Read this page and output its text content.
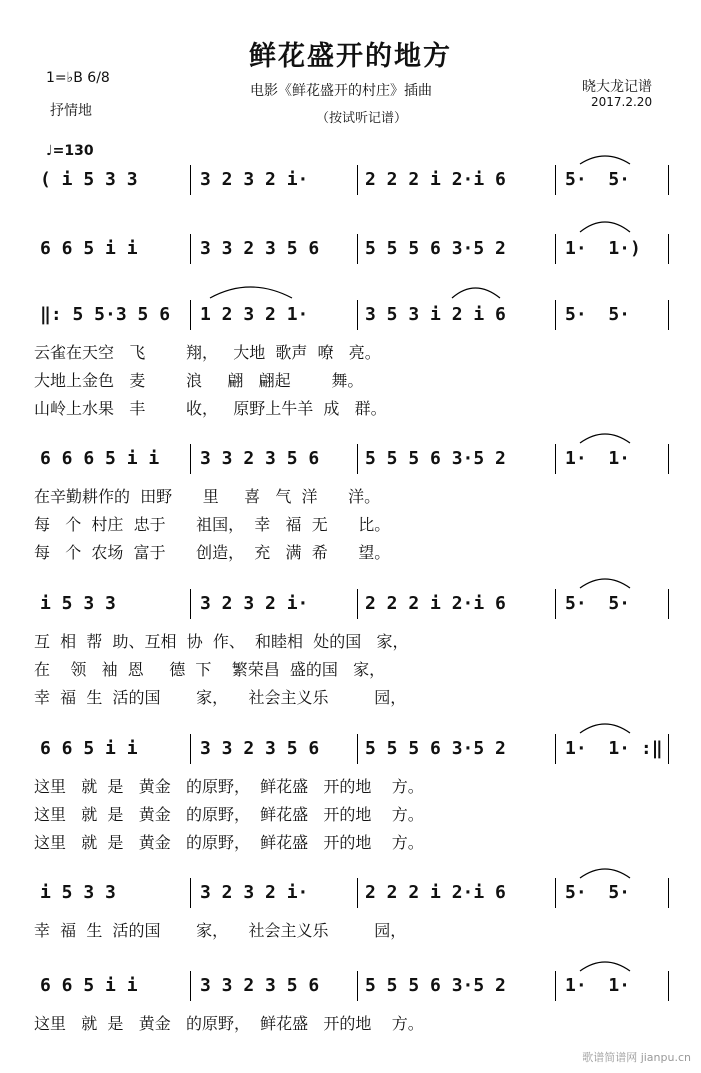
鲜花盛开的地方
电影《鲜花盛开的村庄》插曲
（按试听记谱）
1=♭B 6/8
抒情地
晓大龙记谱
2017.2.20
♩=130
( i 5 3 3	3 2 3 2 i·	2 2 2 i 2·i 6	5·  5·
6 6 5 i i	3 3 2 3 5 6	5 5 5 6 3·5 2	1·  1·)
‖: 5 5·3 5 6	1 2 3 2 1·	3 5 3 i 2 i 6	5·  5·
云雀在天空   飞        翔，   大地  歌声  嘹   亮。
大地上金色   麦        浪     翩   翩起        舞。
山岭上水果   丰        收，   原野上牛羊  成   群。
6 6 6 5 i i	3 3 2 3 5 6	5 5 5 6 3·5 2	1·  1·
在辛勤耕作的  田野      里     喜   气  洋      洋。
每   个  村庄  忠于      祖国，  幸   福  无      比。
每   个  农场  富于      创造，  充   满  希      望。
i 5 3 3	3 2 3 2 i·	2 2 2 i 2·i 6	5·  5·
互  相  帮  助、互相  协  作、  和睦相  处的国   家，
在    领   袖  恩     德  下    繁荣昌  盛的国   家，
幸  福  生  活的国       家，    社会主义乐         园，
6 6 5 i i	3 3 2 3 5 6	5 5 5 6 3·5 2	1·  1· :‖
这里   就  是   黄金   的原野，  鲜花盛   开的地    方。
这里   就  是   黄金   的原野，  鲜花盛   开的地    方。
这里   就  是   黄金   的原野，  鲜花盛   开的地    方。
i 5 3 3	3 2 3 2 i·	2 2 2 i 2·i 6	5·  5·
幸  福  生  活的国       家，    社会主义乐         园，
6 6 5 i i	3 3 2 3 5 6	5 5 5 6 3·5 2	1·  1·
这里   就  是   黄金   的原野，  鲜花盛   开的地    方。
歌谱简谱网 jianpu.cn
